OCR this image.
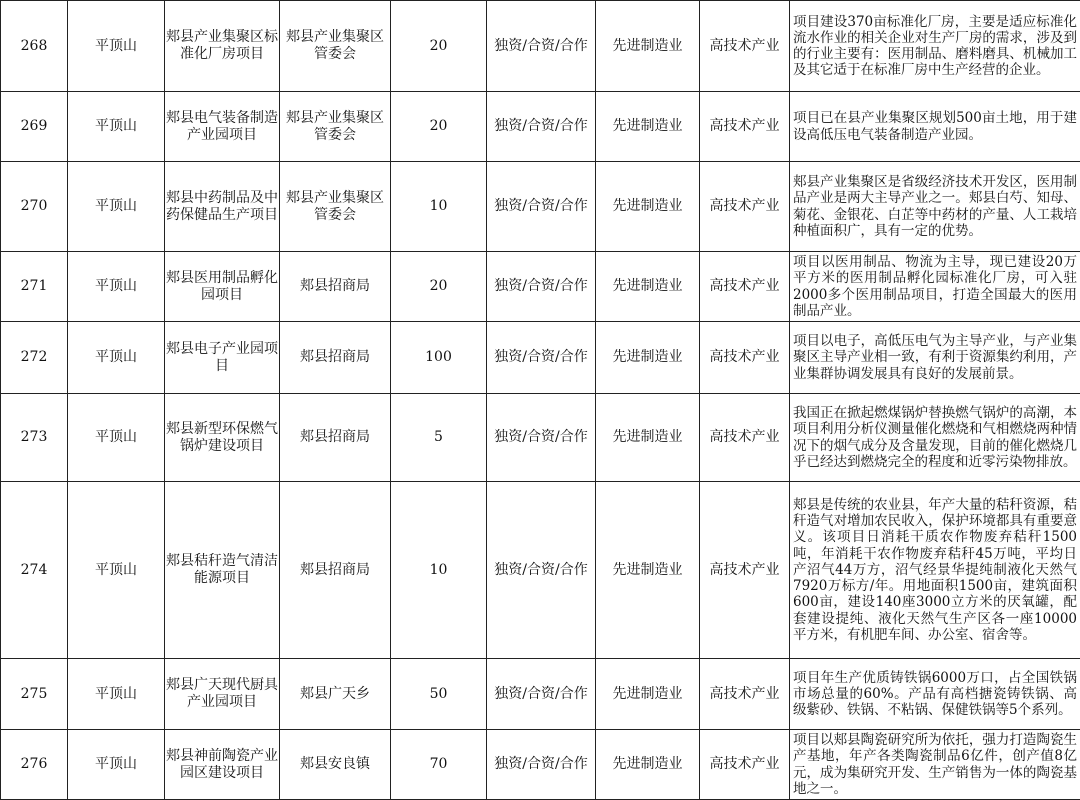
268	平顶山	郏县产业集聚区标准化厂房项目	郏县产业集聚区管委会	20	独资/合资/合作	先进制造业	高技术产业	项目建设370亩标准化厂房，主要是适应标准化流水作业的相关企业对生产厂房的需求，涉及到的行业主要有：医用制品、磨料磨具、机械加工及其它适于在标准厂房中生产经营的企业。
269	平顶山	郏县电气装备制造产业园项目	郏县产业集聚区管委会	20	独资/合资/合作	先进制造业	高技术产业	项目已在县产业集聚区规划500亩土地，用于建设高低压电气装备制造产业园。
270	平顶山	郏县中药制品及中药保健品生产项目	郏县产业集聚区管委会	10	独资/合资/合作	先进制造业	高技术产业	郏县产业集聚区是省级经济技术开发区，医用制品产业是两大主导产业之一。郏县白芍、知母、菊花、金银花、白芷等中药材的产量、人工栽培种植面积广，具有一定的优势。
271	平顶山	郏县医用制品孵化园项目	郏县招商局	20	独资/合资/合作	先进制造业	高技术产业	项目以医用制品、物流为主导，现已建设20万平方米的医用制品孵化园标准化厂房，可入驻2000多个医用制品项目，打造全国最大的医用制品产业。
272	平顶山	郏县电子产业园项目	郏县招商局	100	独资/合资/合作	先进制造业	高技术产业	项目以电子，高低压电气为主导产业，与产业集聚区主导产业相一致，有利于资源集约利用，产业集群协调发展具有良好的发展前景。
273	平顶山	郏县新型环保燃气锅炉建设项目	郏县招商局	5	独资/合资/合作	先进制造业	高技术产业	我国正在掀起燃煤锅炉替换燃气锅炉的高潮，本项目利用分析仪测量催化燃烧和气相燃烧两种情况下的烟气成分及含量发现，目前的催化燃烧几乎已经达到燃烧完全的程度和近零污染物排放。
274	平顶山	郏县秸秆造气清洁能源项目	郏县招商局	10	独资/合资/合作	先进制造业	高技术产业	郏县是传统的农业县，年产大量的秸秆资源，秸秆造气对增加农民收入，保护环境都具有重要意义。该项目日消耗干质农作物废弃秸秆1500吨，年消耗干农作物废弃秸秆45万吨，平均日产沼气44万方，沼气经景华提纯制液化天然气7920万标方/年。用地面积1500亩，建筑面积600亩，建设140座3000立方米的厌氧罐，配套建设提纯、液化天然气生产区各一座10000平方米，有机肥车间、办公室、宿舍等。
275	平顶山	郏县广天现代厨具产业园项目	郏县广天乡	50	独资/合资/合作	先进制造业	高技术产业	项目年生产优质铸铁锅6000万口，占全国铁锅市场总量的60%。产品有高档搪瓷铸铁锅、高级紫砂、铁锅、不粘锅、保健铁锅等5个系列。
276	平顶山	郏县神前陶瓷产业园区建设项目	郏县安良镇	70	独资/合资/合作	先进制造业	高技术产业	项目以郏县陶瓷研究所为依托，强力打造陶瓷生产基地，年产各类陶瓷制品6亿件，创产值8亿元，成为集研究开发、生产销售为一体的陶瓷基地之一。
